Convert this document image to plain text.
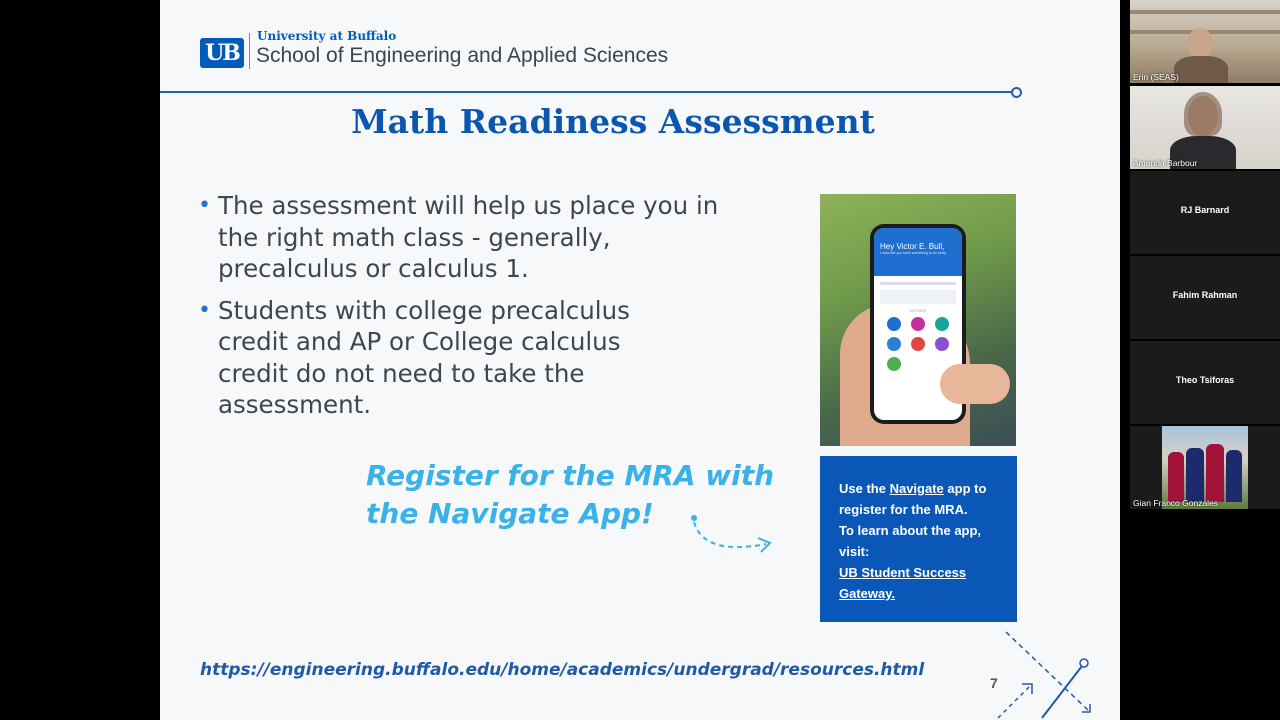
UB
University at Buffalo
School of Engineering and Applied Sciences
Math Readiness Assessment
• The assessment will help us place you in the right math class - generally, precalculus or calculus 1.
• Students with college precalculus credit and AP or College calculus credit do not need to take the assessment.

Register for the MRA with
the Navigate App!

Hey Victor E. Bull,
Looks like you have something to do today.
EXPLORE
Use the Navigate app to
register for the MRA.
To learn about the app,
visit:
UB Student Success
Gateway.
https://engineering.buffalo.edu/home/academics/undergrad/resources.html
7
Erin (SEAS)
Amanda Barbour
RJ Barnard
Fahim Rahman
Theo Tsiforas
Gian Franco Gonzales
